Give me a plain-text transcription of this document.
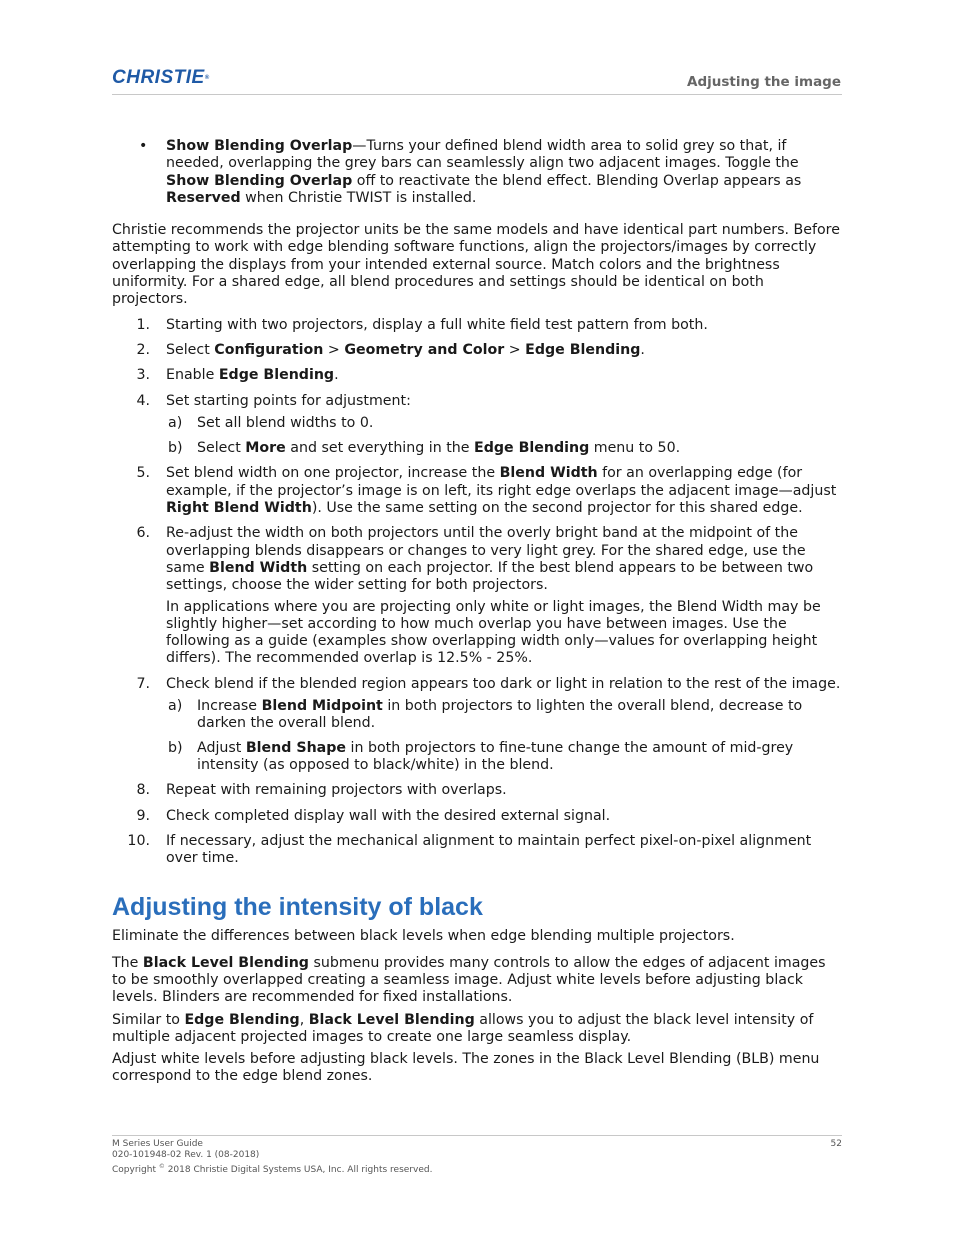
CHRISTIE®	Adjusting the image

• Show Blending Overlap—Turns your defined blend width area to solid grey so that, if needed, overlapping the grey bars can seamlessly align two adjacent images. Toggle the Show Blending Overlap off to reactivate the blend effect. Blending Overlap appears as Reserved when Christie TWIST is installed.

Christie recommends the projector units be the same models and have identical part numbers. Before attempting to work with edge blending software functions, align the projectors/images by correctly overlapping the displays from your intended external source. Match colors and the brightness uniformity. For a shared edge, all blend procedures and settings should be identical on both projectors.

1. Starting with two projectors, display a full white field test pattern from both.

2. Select Configuration > Geometry and Color > Edge Blending.

3. Enable Edge Blending.

4. Set starting points for adjustment:

a) Set all blend widths to 0.

b) Select More and set everything in the Edge Blending menu to 50.

5. Set blend width on one projector, increase the Blend Width for an overlapping edge (for example, if the projector’s image is on left, its right edge overlaps the adjacent image—adjust Right Blend Width). Use the same setting on the second projector for this shared edge.

6. Re-adjust the width on both projectors until the overly bright band at the midpoint of the overlapping blends disappears or changes to very light grey. For the shared edge, use the same Blend Width setting on each projector. If the best blend appears to be between two settings, choose the wider setting for both projectors.

In applications where you are projecting only white or light images, the Blend Width may be slightly higher—set according to how much overlap you have between images. Use the following as a guide (examples show overlapping width only—values for overlapping height differs). The recommended overlap is 12.5% - 25%.

7. Check blend if the blended region appears too dark or light in relation to the rest of the image.

a) Increase Blend Midpoint in both projectors to lighten the overall blend, decrease to darken the overall blend.

b) Adjust Blend Shape in both projectors to fine-tune change the amount of mid-grey intensity (as opposed to black/white) in the blend.

8. Repeat with remaining projectors with overlaps.

9. Check completed display wall with the desired external signal.

10. If necessary, adjust the mechanical alignment to maintain perfect pixel-on-pixel alignment over time.

Adjusting the intensity of black

Eliminate the differences between black levels when edge blending multiple projectors.

The Black Level Blending submenu provides many controls to allow the edges of adjacent images to be smoothly overlapped creating a seamless image. Adjust white levels before adjusting black levels. Blinders are recommended for fixed installations.

Similar to Edge Blending, Black Level Blending allows you to adjust the black level intensity of multiple adjacent projected images to create one large seamless display.

Adjust white levels before adjusting black levels. The zones in the Black Level Blending (BLB) menu correspond to the edge blend zones.

M Series User Guide
020-101948-02 Rev. 1 (08-2018)
Copyright © 2018 Christie Digital Systems USA, Inc. All rights reserved.
52
